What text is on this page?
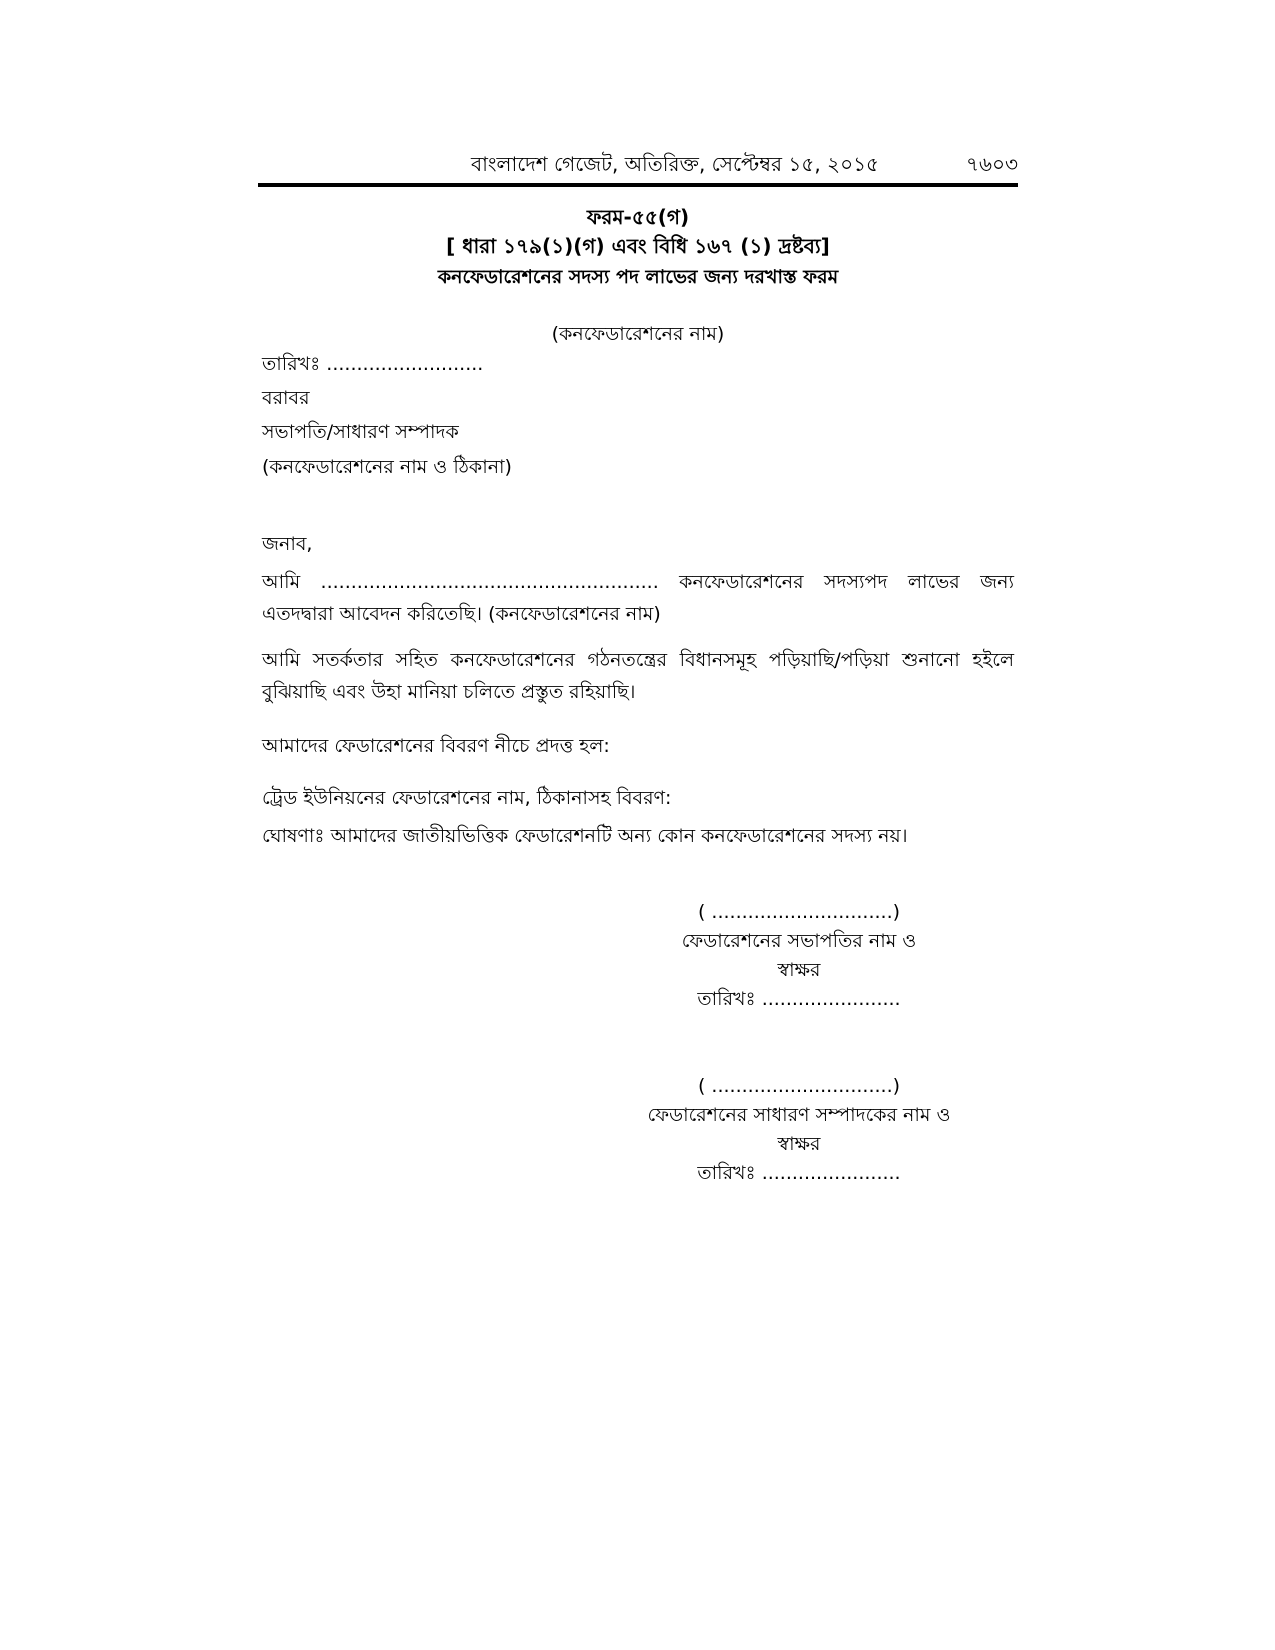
বাংলাদেশ গেজেট, অতিরিক্ত, সেপ্টেম্বর ১৫, ২০১৫	৭৬০৩
ফরম-৫৫(গ)
[ ধারা ১৭৯(১)(গ) এবং বিধি ১৬৭ (১) দ্রষ্টব্য]
কনফেডারেশনের সদস্য পদ লাভের জন্য দরখাস্ত ফরম
(কনফেডারেশনের নাম)
তারিখঃ ..........................
বরাবর
সভাপতি/সাধারণ সম্পাদক
(কনফেডারেশনের নাম ও ঠিকানা)
জনাব,
আমি ........................................................ কনফেডারেশনের সদস্যপদ লাভের জন্য এতদদ্বারা আবেদন করিতেছি। (কনফেডারেশনের নাম)
আমি সতর্কতার সহিত কনফেডারেশনের গঠনতন্ত্রের বিধানসমূহ পড়িয়াছি/পড়িয়া শুনানো হইলে বুঝিয়াছি এবং উহা মানিয়া চলিতে প্রস্তুত রহিয়াছি।
আমাদের ফেডারেশনের বিবরণ নীচে প্রদত্ত হল:
ট্রেড ইউনিয়নের ফেডারেশনের নাম, ঠিকানাসহ বিবরণ:
ঘোষণাঃ আমাদের জাতীয়ভিত্তিক ফেডারেশনটি অন্য কোন কনফেডারেশনের সদস্য নয়।
( ..............................)
ফেডারেশনের সভাপতির নাম ও
স্বাক্ষর
তারিখঃ .......................
( ..............................)
ফেডারেশনের সাধারণ সম্পাদকের নাম ও
স্বাক্ষর
তারিখঃ .......................
